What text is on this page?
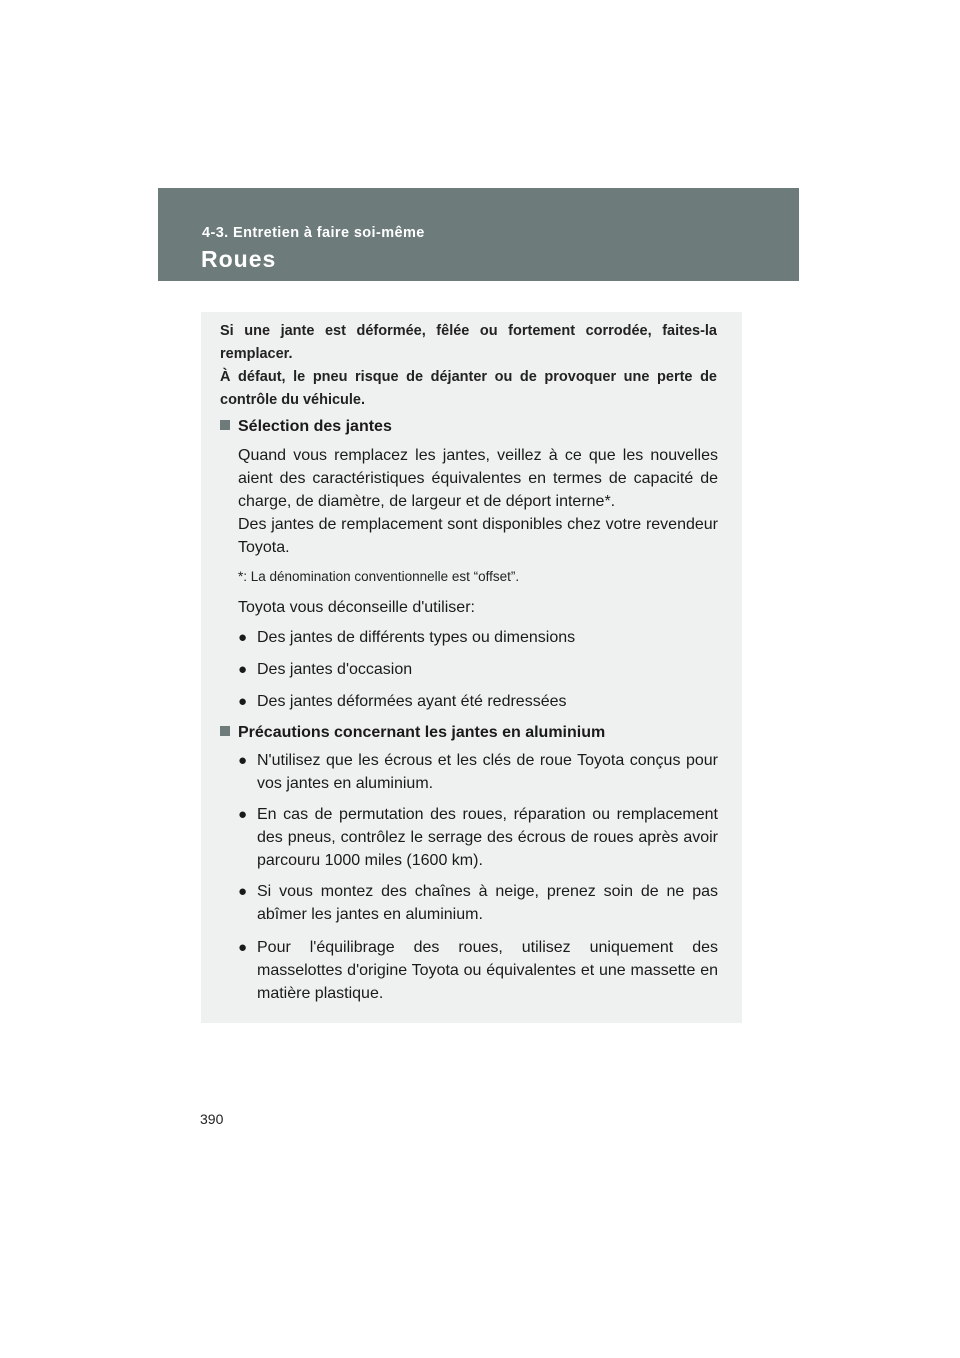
4-3. Entretien à faire soi-même
Roues
390

Si une jante est déformée, fêlée ou fortement corrodée, faites-la remplacer.

À défaut, le pneu risque de déjanter ou de provoquer une perte de contrôle du véhicule.

Sélection des jantes

Quand vous remplacez les jantes, veillez à ce que les nouvelles aient des caractéristiques équivalentes en termes de capacité de charge, de diamètre, de largeur et de déport interne*.

Des jantes de remplacement sont disponibles chez votre revendeur Toyota.

*: La dénomination conventionnelle est “offset”.
Toyota vous déconseille d'utiliser:
● Des jantes de différents types ou dimensions
● Des jantes d'occasion
● Des jantes déformées ayant été redressées
Précautions concernant les jantes en aluminium
● N'utilisez que les écrous et les clés de roue Toyota conçus pour vos jantes en aluminium.
● En cas de permutation des roues, réparation ou remplacement des pneus, contrôlez le serrage des écrous de roues après avoir parcouru 1000 miles (1600 km).
● Si vous montez des chaînes à neige, prenez soin de ne pas abîmer les jantes en aluminium.
● Pour l'équilibrage des roues, utilisez uniquement des masselottes d'origine Toyota ou équivalentes et une massette en matière plastique.
